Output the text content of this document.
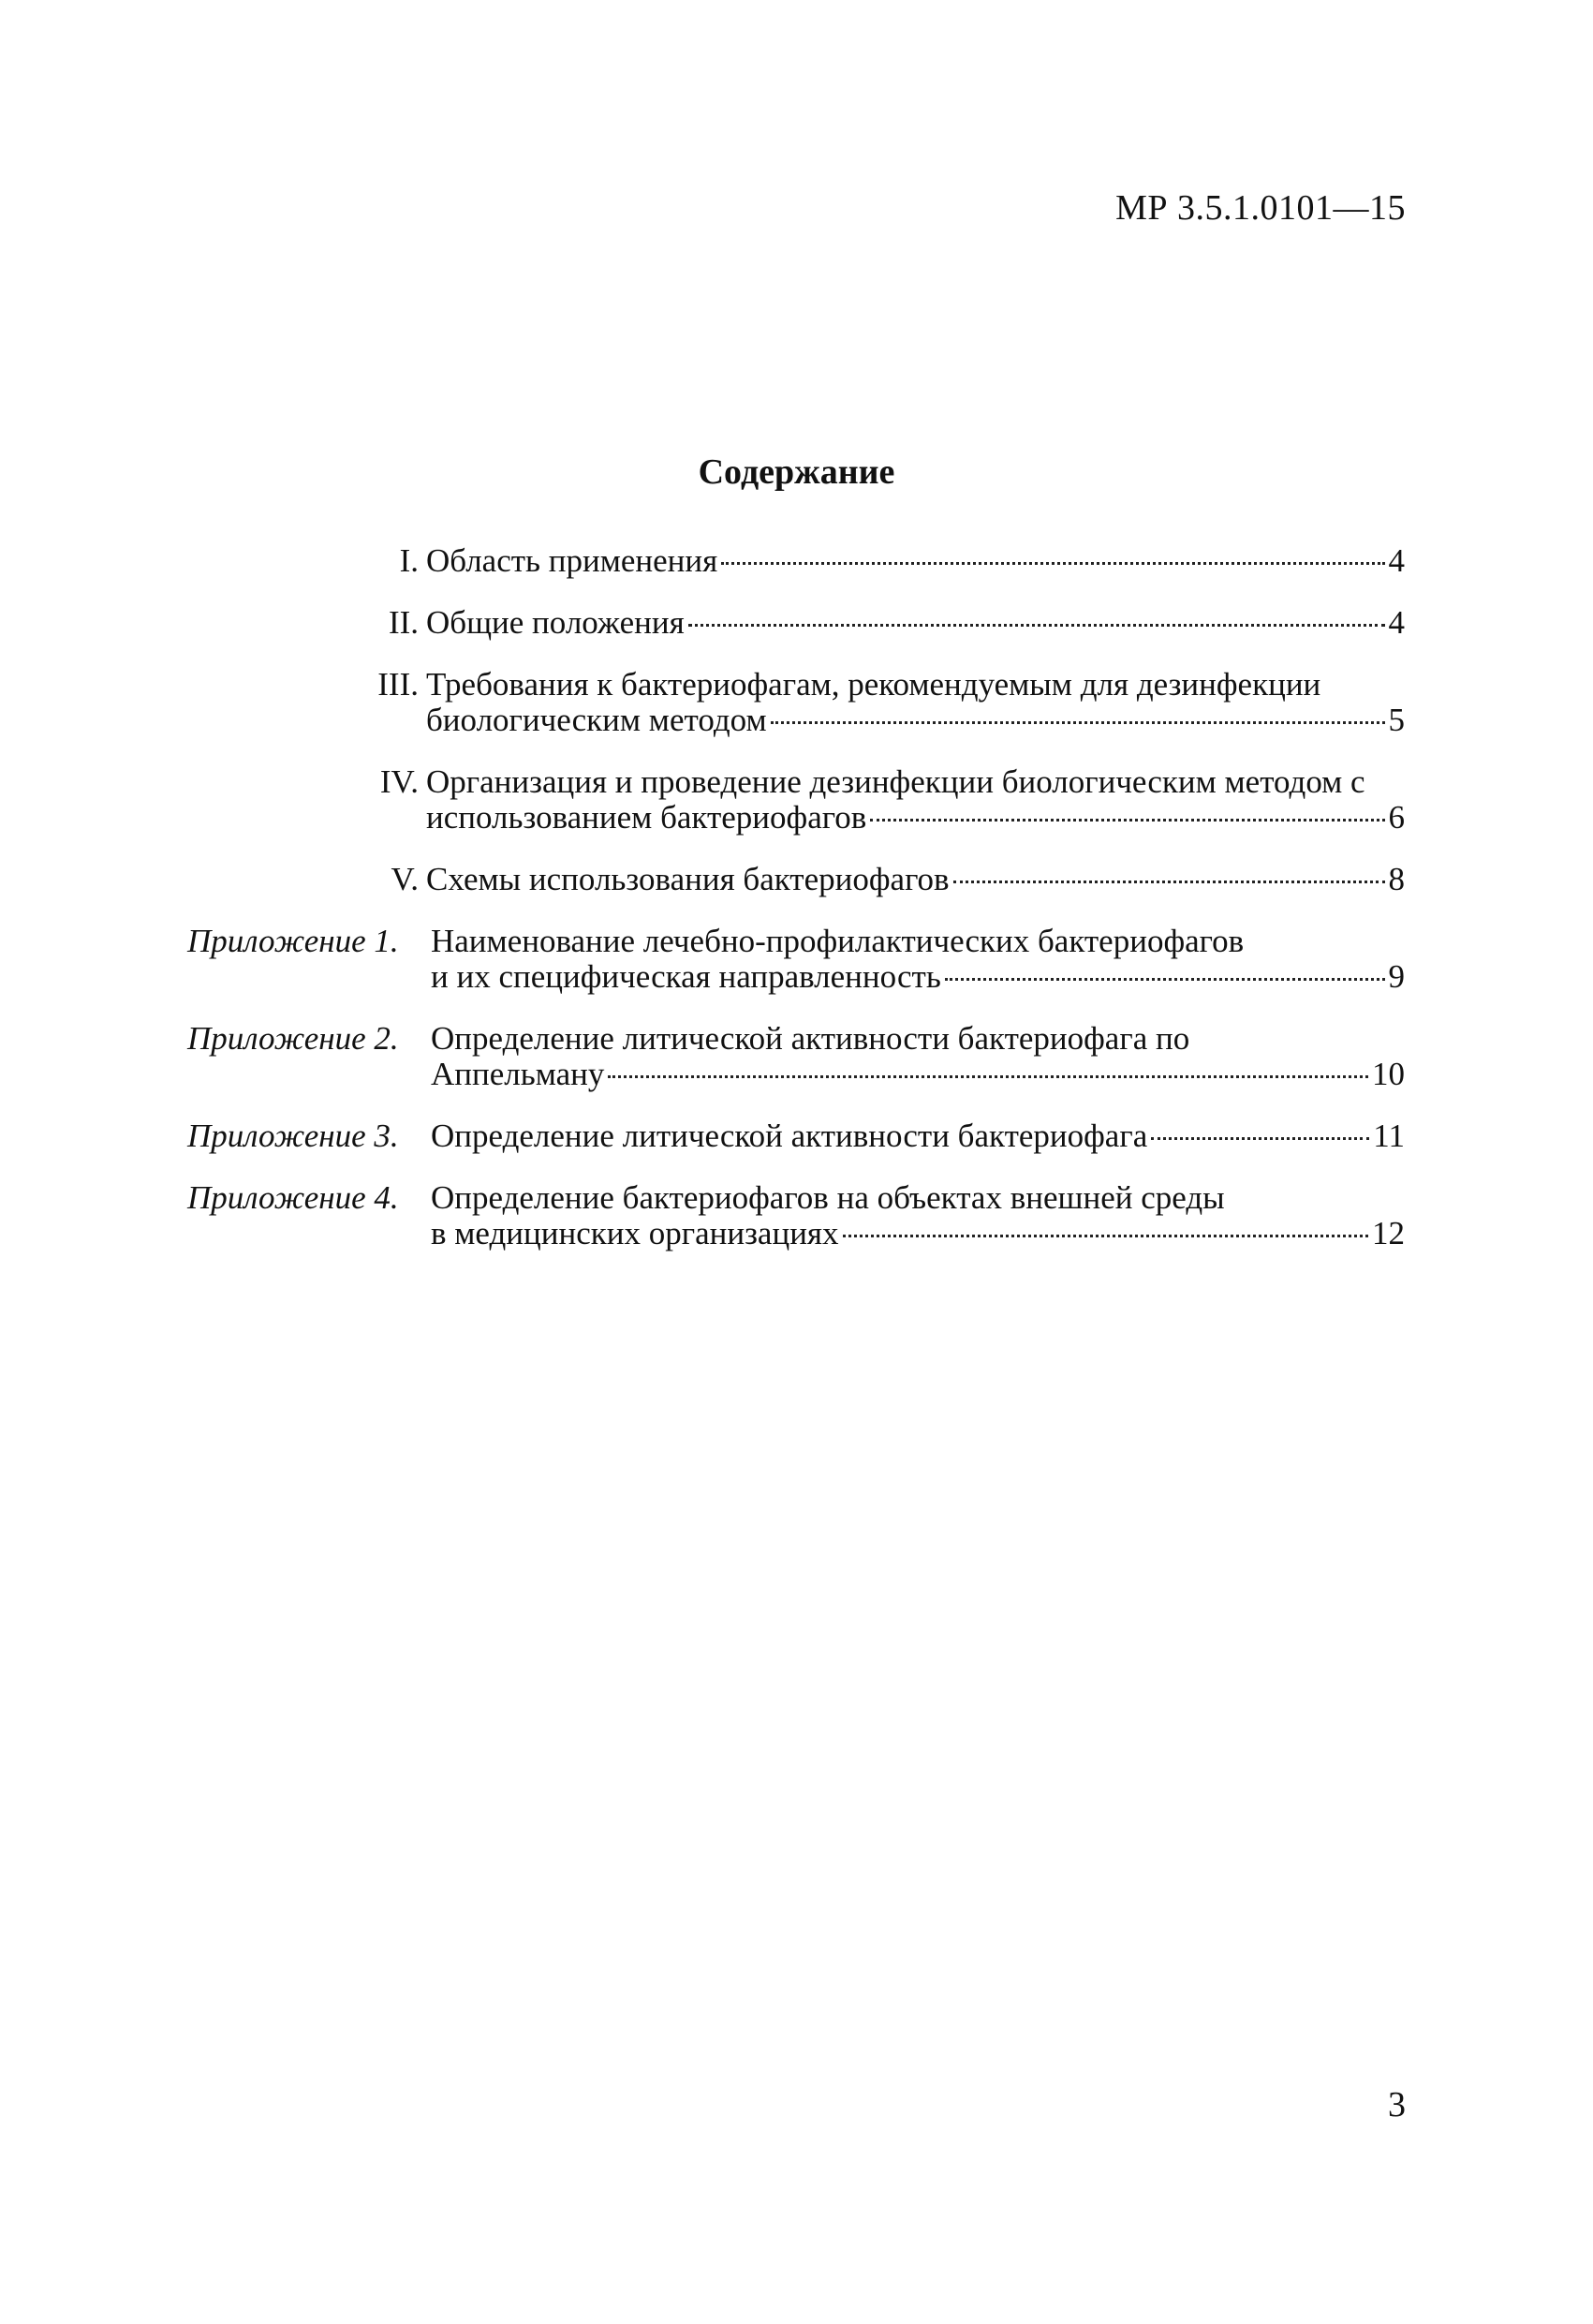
МР 3.5.1.0101—15
Содержание
I. Область применения	4
II. Общие положения	4
III. Требования к бактериофагам, рекомендуемым для дезинфекции
биологическим методом	5
IV. Организация и проведение дезинфекции биологическим методом с
использованием бактериофагов	6
V. Схемы использования бактериофагов	8
Приложение 1. Наименование лечебно-профилактических бактериофагов
и их специфическая направленность	9
Приложение 2. Определение литической активности бактериофага по
Аппельману	10
Приложение 3. Определение литической активности бактериофага	11
Приложение 4. Определение бактериофагов на объектах внешней среды
в медицинских организациях	12
3
